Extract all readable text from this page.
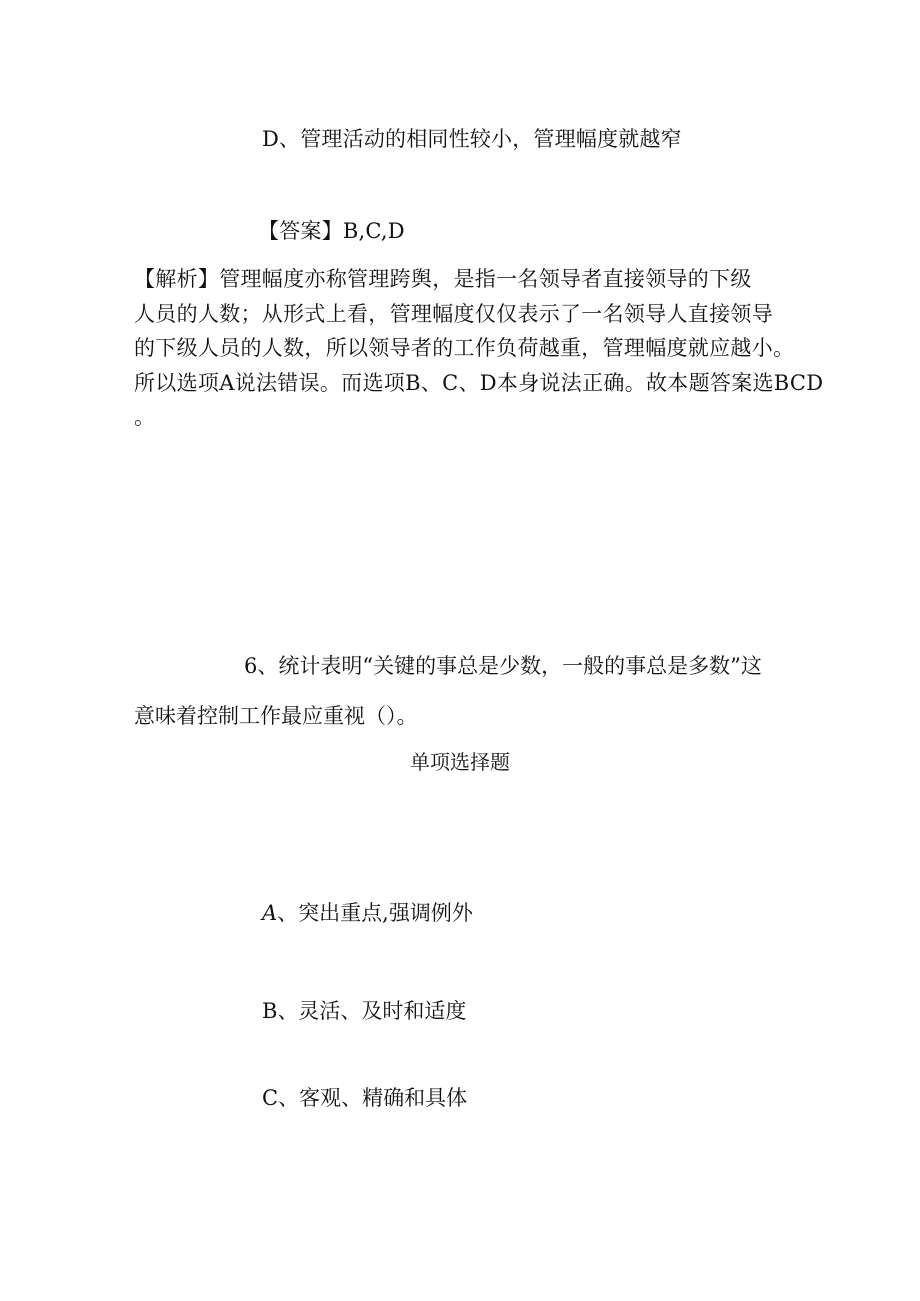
D、管理活动的相同性较小，管理幅度就越窄
【答案】B,C,D
【解析】管理幅度亦称管理跨舆，是指一名领导者直接领导的下级
人员的人数；从形式上看，管理幅度仅仅表示了一名领导人直接领导
的下级人员的人数，所以领导者的工作负荷越重，管理幅度就应越小。
所以选项A说法错误。而选项B、C、D本身说法正确。故本题答案选BCD
。
6、统计表明“关键的事总是少数，一般的事总是多数”这
意味着控制工作最应重视（）。
单项选择题
A、突出重点,强调例外
B、灵活、及时和适度
C、客观、精确和具体
